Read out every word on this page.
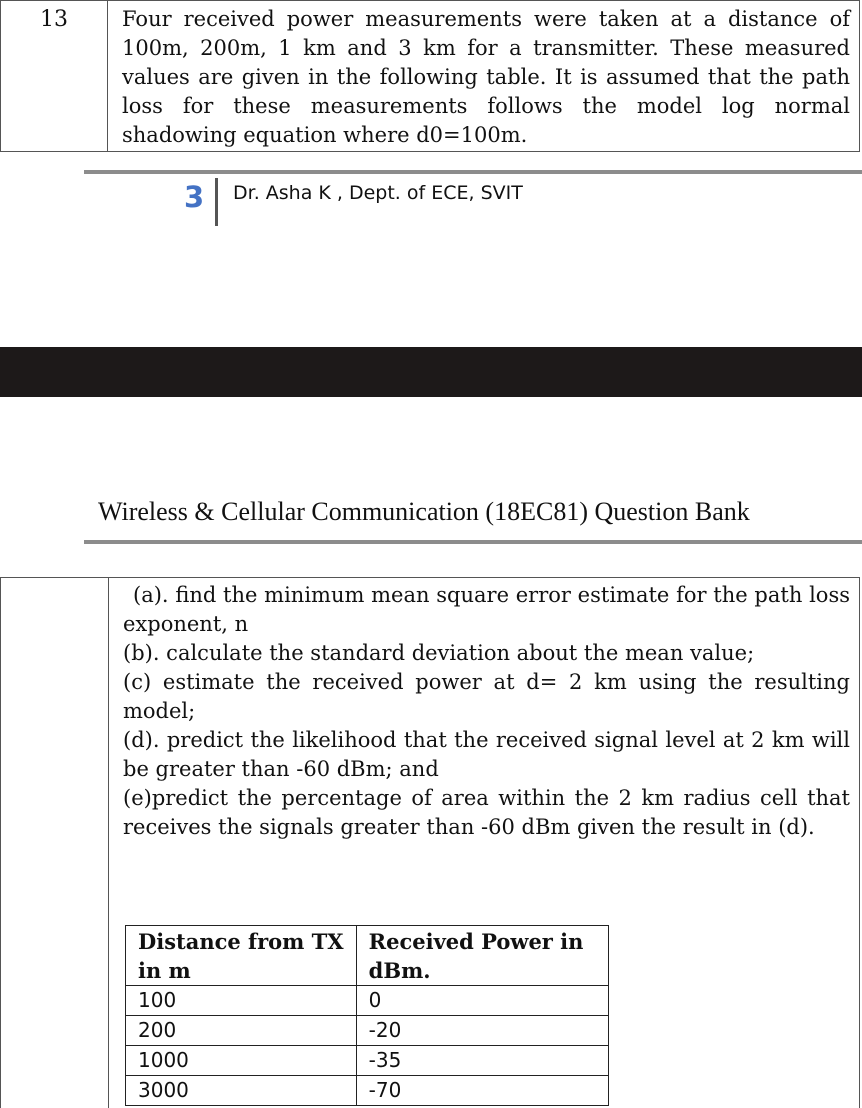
13	Four received power measurements were taken at a distance of 100m, 200m, 1 km and 3 km for a transmitter. These measured values are given in the following table. It is assumed that the path loss for these measurements follows the model log normal shadowing equation where d0=100m.
3 Dr. Asha K , Dept. of ECE, SVIT
Wireless & Cellular Communication (18EC81) Question Bank

(a). find the minimum mean square error estimate for the path loss exponent, n

(b). calculate the standard deviation about the mean value;

(c) estimate the received power at d= 2 km using the resulting model;

(d). predict the likelihood that the received signal level at 2 km will be greater than -60 dBm; and

(e)predict the percentage of area within the 2 km radius cell that receives the signals greater than -60 dBm given the result in (d).

Distance from TX in m	Received Power in dBm.
100	0
200	-20
1000	-35
3000	-70
